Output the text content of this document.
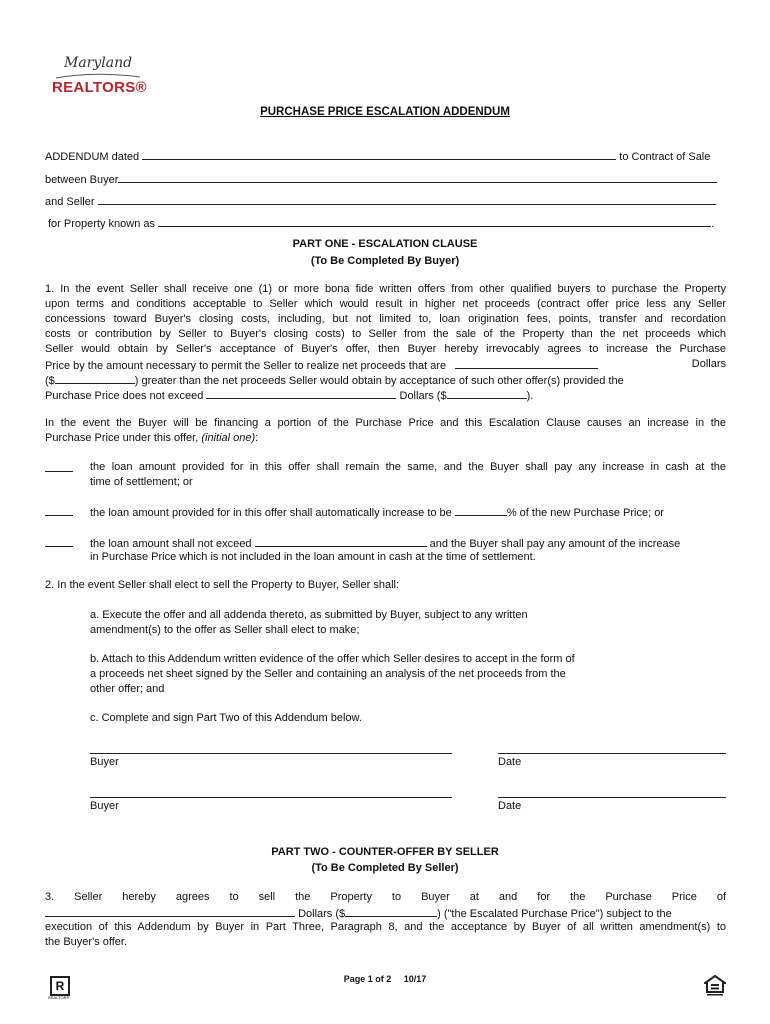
Maryland
REALTORS®
PURCHASE PRICE ESCALATION ADDENDUM
ADDENDUM dated	to Contract of Sale
between Buyer
and Seller
for Property known as	.
PART ONE - ESCALATION CLAUSE
(To Be Completed By Buyer)
1. In the event Seller shall receive one (1) or more bona fide written offers from other qualified buyers to purchase the Property
upon terms and conditions acceptable to Seller which would result in higher net proceeds (contract offer price less any Seller
concessions toward Buyer's closing costs, including, but not limited to, loan origination fees, points, transfer and recordation
costs or contribution by Seller to Buyer's closing costs) to Seller from the sale of the Property than the net proceeds which
Seller would obtain by Seller's acceptance of Buyer's offer, then Buyer hereby irrevocably agrees to increase the Purchase
Price by the amount necessary to permit the Seller to realize net proceeds that are	Dollars
($	) greater than the net proceeds Seller would obtain by acceptance of such other offer(s) provided the
Purchase Price does not exceed	Dollars ($	).
In the event the Buyer will be financing a portion of the Purchase Price and this Escalation Clause causes an increase in the
Purchase Price under this offer, (initial one):
the loan amount provided for in this offer shall remain the same, and the Buyer shall pay any increase in cash at the
time of settlement; or
the loan amount provided for in this offer shall automatically increase to be	% of the new Purchase Price; or
the loan amount shall not exceed	and the Buyer shall pay any amount of the increase
in Purchase Price which is not included in the loan amount in cash at the time of settlement.
2. In the event Seller shall elect to sell the Property to Buyer, Seller shall:
a. Execute the offer and all addenda thereto, as submitted by Buyer, subject to any written
amendment(s) to the offer as Seller shall elect to make;
b. Attach to this Addendum written evidence of the offer which Seller desires to accept in the form of
a proceeds net sheet signed by the Seller and containing an analysis of the net proceeds from the
other offer; and
c. Complete and sign Part Two of this Addendum below.
Buyer	Date
Buyer	Date
PART TWO - COUNTER-OFFER BY SELLER
(To Be Completed By Seller)
3. Seller hereby agrees to sell the Property to Buyer at and for the Purchase Price of
Dollars ($	) ("the Escalated Purchase Price") subject to the
execution of this Addendum by Buyer in Part Three, Paragraph 8, and the acceptance by Buyer of all written amendment(s) to
the Buyer's offer.
Page 1 of 2 10/17
R
REALTOR®
